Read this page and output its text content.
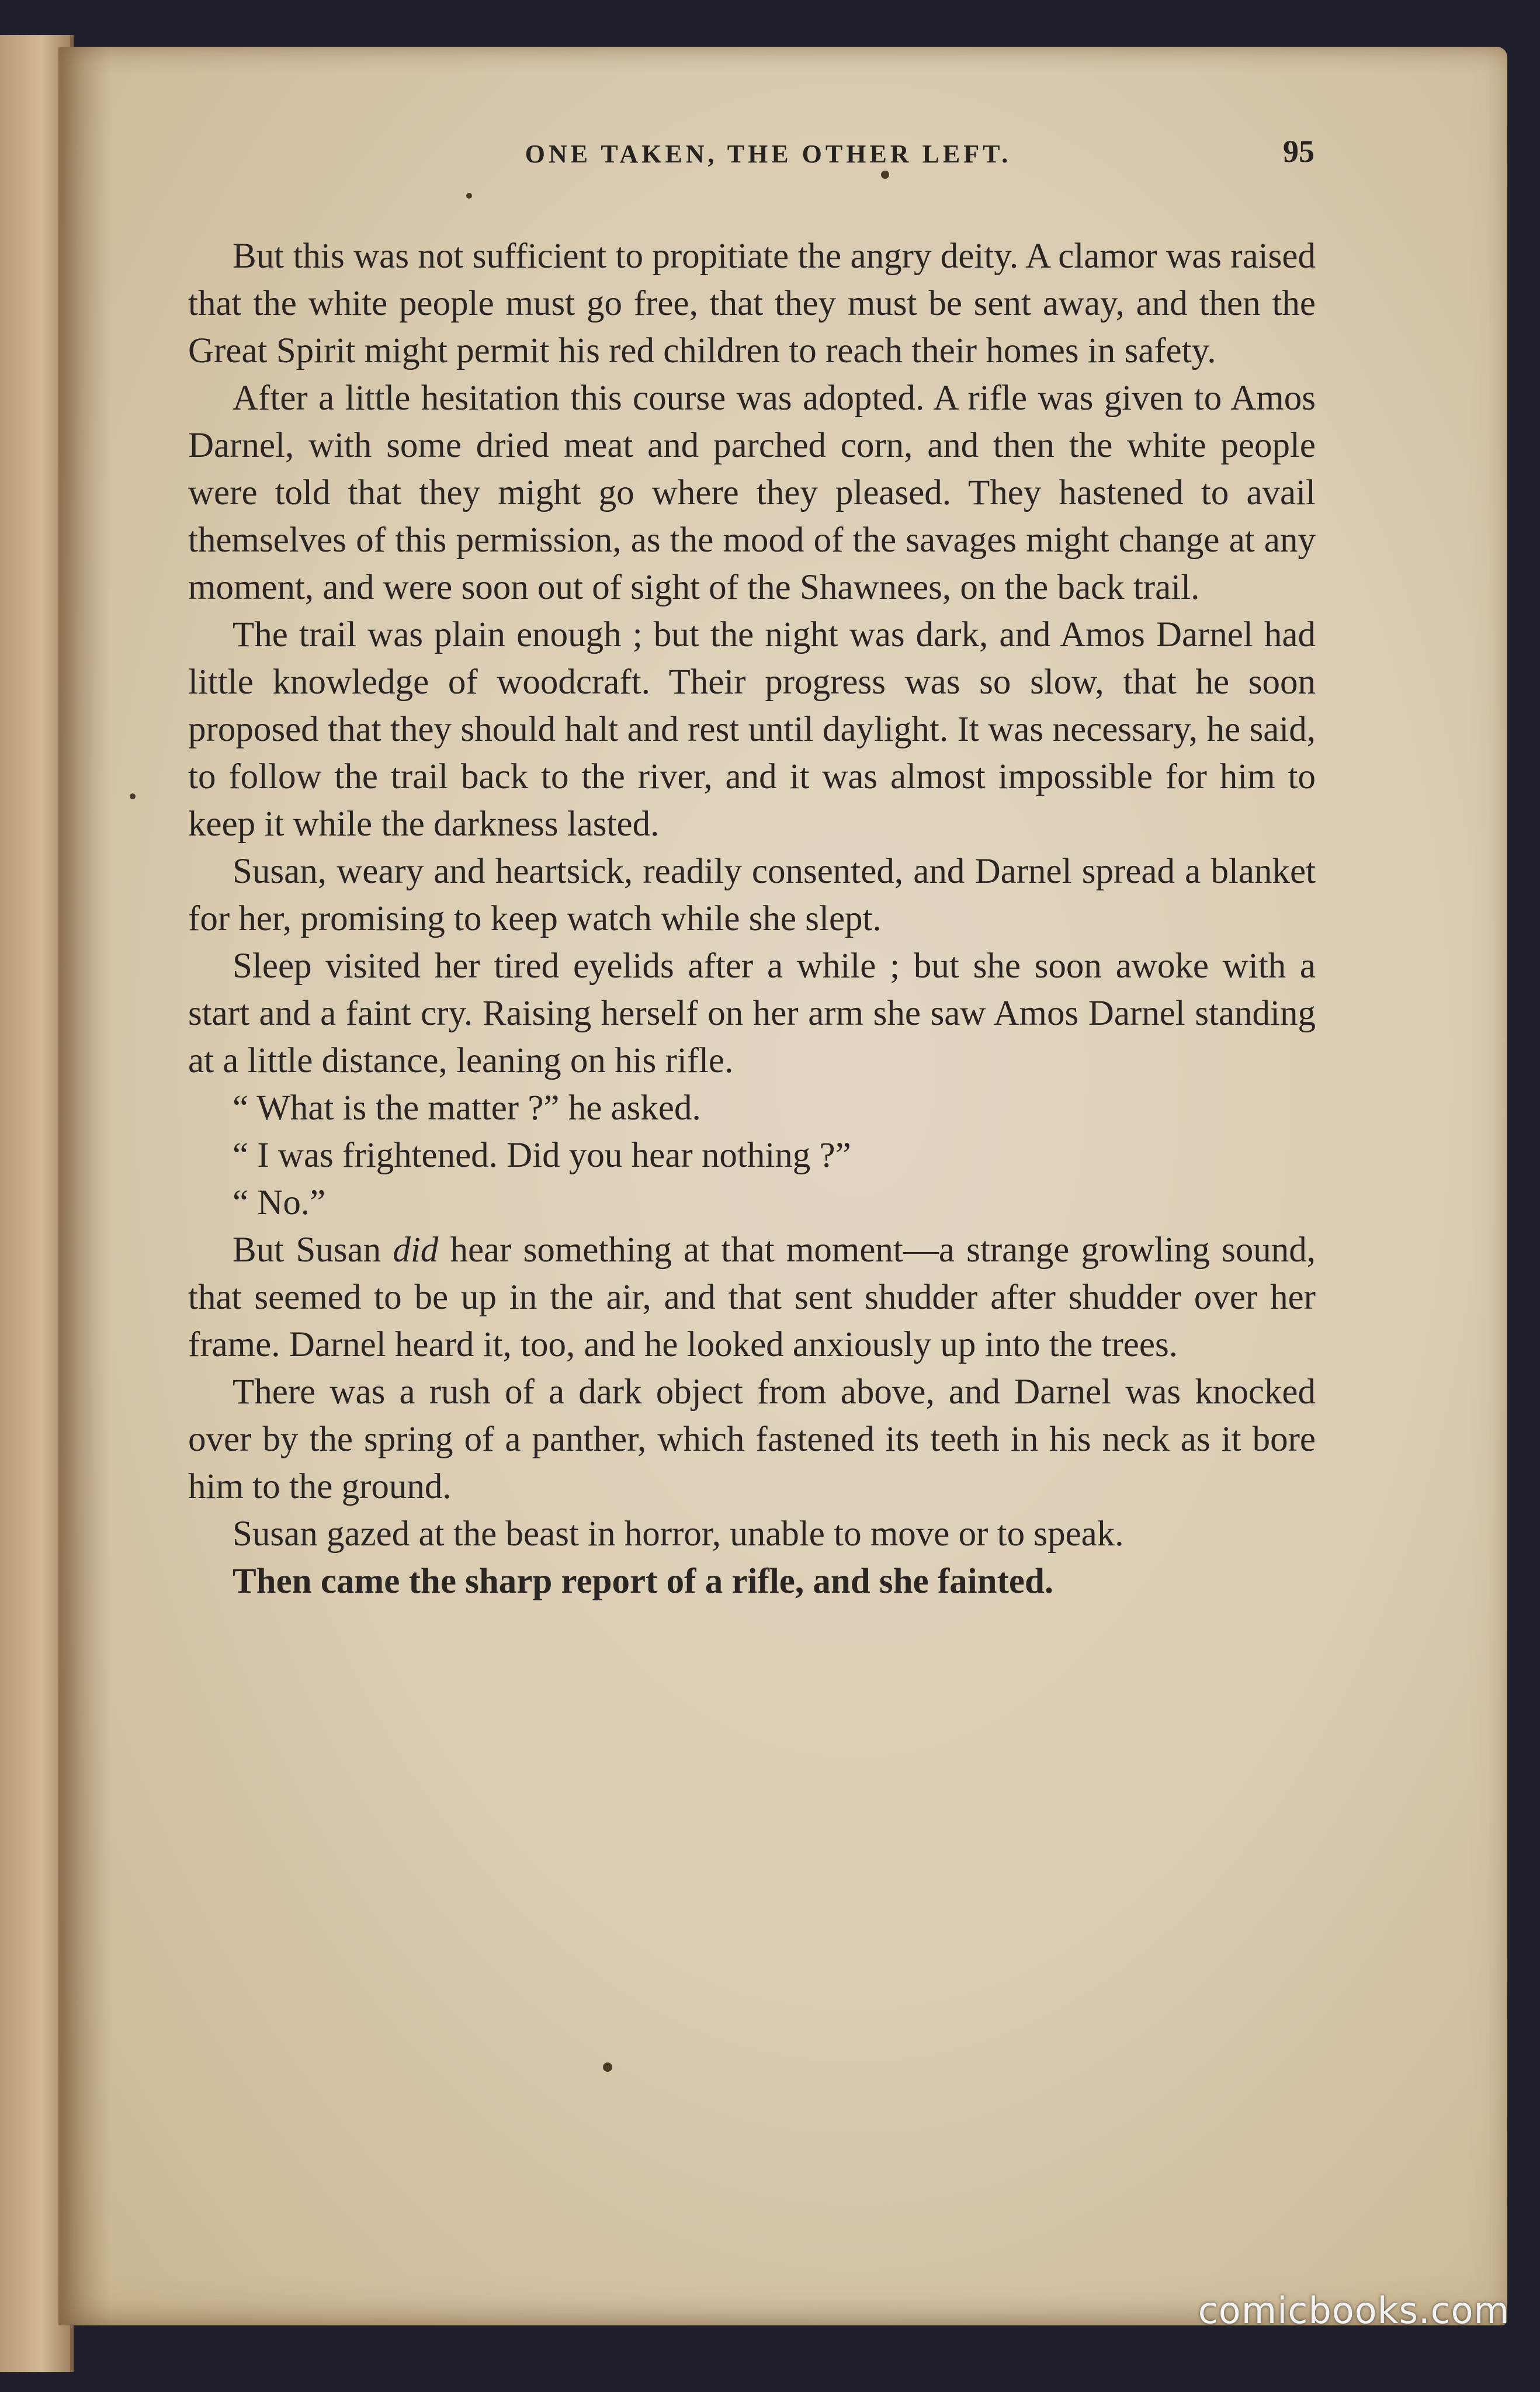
ONE TAKEN, THE OTHER LEFT.	95

But this was not sufficient to propitiate the angry deity. A clamor was raised that the white people must go free, that they must be sent away, and then the Great Spirit might permit his red children to reach their homes in safety.

After a little hesitation this course was adopted. A rifle was given to Amos Darnel, with some dried meat and parched corn, and then the white people were told that they might go where they pleased. They hastened to avail themselves of this permission, as the mood of the savages might change at any moment, and were soon out of sight of the Shawnees, on the back trail.

The trail was plain enough ; but the night was dark, and Amos Darnel had little knowledge of woodcraft. Their progress was so slow, that he soon proposed that they should halt and rest until daylight. It was necessary, he said, to follow the trail back to the river, and it was almost impossible for him to keep it while the darkness lasted.

Susan, weary and heartsick, readily consented, and Darnel spread a blanket for her, promising to keep watch while she slept.

Sleep visited her tired eyelids after a while ; but she soon awoke with a start and a faint cry. Raising herself on her arm she saw Amos Darnel standing at a little distance, leaning on his rifle.

“ What is the matter ?” he asked.

“ I was frightened. Did you hear nothing ?”

“ No.”

But Susan did hear something at that moment—a strange growling sound, that seemed to be up in the air, and that sent shudder after shudder over her frame. Darnel heard it, too, and he looked anxiously up into the trees.

There was a rush of a dark object from above, and Darnel was knocked over by the spring of a panther, which fastened its teeth in his neck as it bore him to the ground.

Susan gazed at the beast in horror, unable to move or to speak.

Then came the sharp report of a rifle, and she fainted.

comicbooks.com
